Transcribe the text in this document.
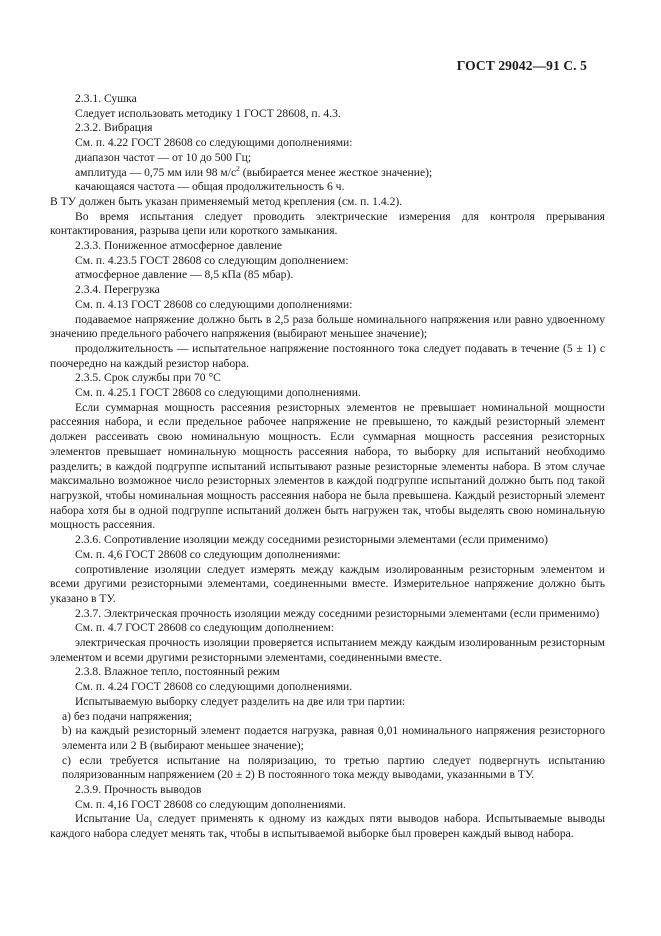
ГОСТ 29042—91 С. 5

2.3.1. Сушка

Следует использовать методику 1 ГОСТ 28608, п. 4.3.

2.3.2. Вибрация

См. п. 4.22 ГОСТ 28608 со следующими дополнениями:

диапазон частот — от 10 до 500 Гц;

амплитуда — 0,75 мм или 98 $м/с^2$ (выбирается менее жесткое значение);

качающаяся частота — общая продолжительность 6 ч.

В ТУ должен быть указан применяемый метод крепления (см. п. 1.4.2).

Во время испытания следует проводить электрические измерения для контроля прерывания контактирования, разрыва цепи или короткого замыкания.

2.3.3. Пониженное атмосферное давление

См. п. 4.23.5 ГОСТ 28608 со следующим дополнением:

атмосферное давление — 8,5 кПа (85 мбар).

2.3.4. Перегрузка

См. п. 4.13 ГОСТ 28608 со следующими дополнениями:

подаваемое напряжение должно быть в 2,5 раза больше номинального напряжения или равно удвоенному значению предельного рабочего напряжения (выбирают меньшее значение);

продолжительность — испытательное напряжение постоянного тока следует подавать в течение (5 ± 1) с поочередно на каждый резистор набора.

2.3.5. Срок службы при 70 °С

См. п. 4.25.1 ГОСТ 28608 со следующими дополнениями.

Если суммарная мощность рассеяния резисторных элементов не превышает номинальной мощности рассеяния набора, и если предельное рабочее напряжение не превышено, то каждый резисторный элемент должен рассеивать свою номинальную мощность. Если суммарная мощность рассеяния резисторных элементов превышает номинальную мощность рассеяния набора, то выборку для испытаний необходимо разделить; в каждой подгруппе испытаний испытывают разные резисторные элементы набора. В этом случае максимально возможное число резисторных элементов в каждой подгруппе испытаний должно быть под такой нагрузкой, чтобы номинальная мощность рассеяния набора не была превышена. Каждый резисторный элемент набора хотя бы в одной подгруппе испытаний должен быть нагружен так, чтобы выделять свою номинальную мощность рассеяния.

2.3.6. Сопротивление изоляции между соседними резисторными элементами (если применимо)

См. п. 4,6 ГОСТ 28608 со следующим дополнениями:

сопротивление изоляции следует измерять между каждым изолированным резисторным элементом и всеми другими резисторными элементами, соединенными вместе. Измерительное напряжение должно быть указано в ТУ.

2.3.7. Электрическая прочность изоляции между соседними резисторными элементами (если применимо)

См. п. 4.7 ГОСТ 28608 со следующим дополнением:

электрическая прочность изоляции проверяется испытанием между каждым изолированным резисторным элементом и всеми другими резисторными элементами, соединенными вместе.

2.3.8. Влажное тепло, постоянный режим

См. п. 4.24 ГОСТ 28608 со следующими дополнениями.

Испытываемую выборку следует разделить на две или три партии:

а) без подачи напряжения;

b) на каждый резисторный элемент подается нагрузка, равная 0,01 номинального напряжения резисторного элемента или 2 В (выбирают меньшее значение);

с) если требуется испытание на поляризацию, то третью партию следует подвергнуть испытанию поляризованным напряжением (20 ± 2) В постоянного тока между выводами, указанными в ТУ.

2.3.9. Прочность выводов

См. п. 4,16 ГОСТ 28608 со следующим дополнениями.

Испытание $Ua_1$ следует применять к одному из каждых пяти выводов набора. Испытываемые выводы каждого набора следует менять так, чтобы в испытываемой выборке был проверен каждый вывод набора.
